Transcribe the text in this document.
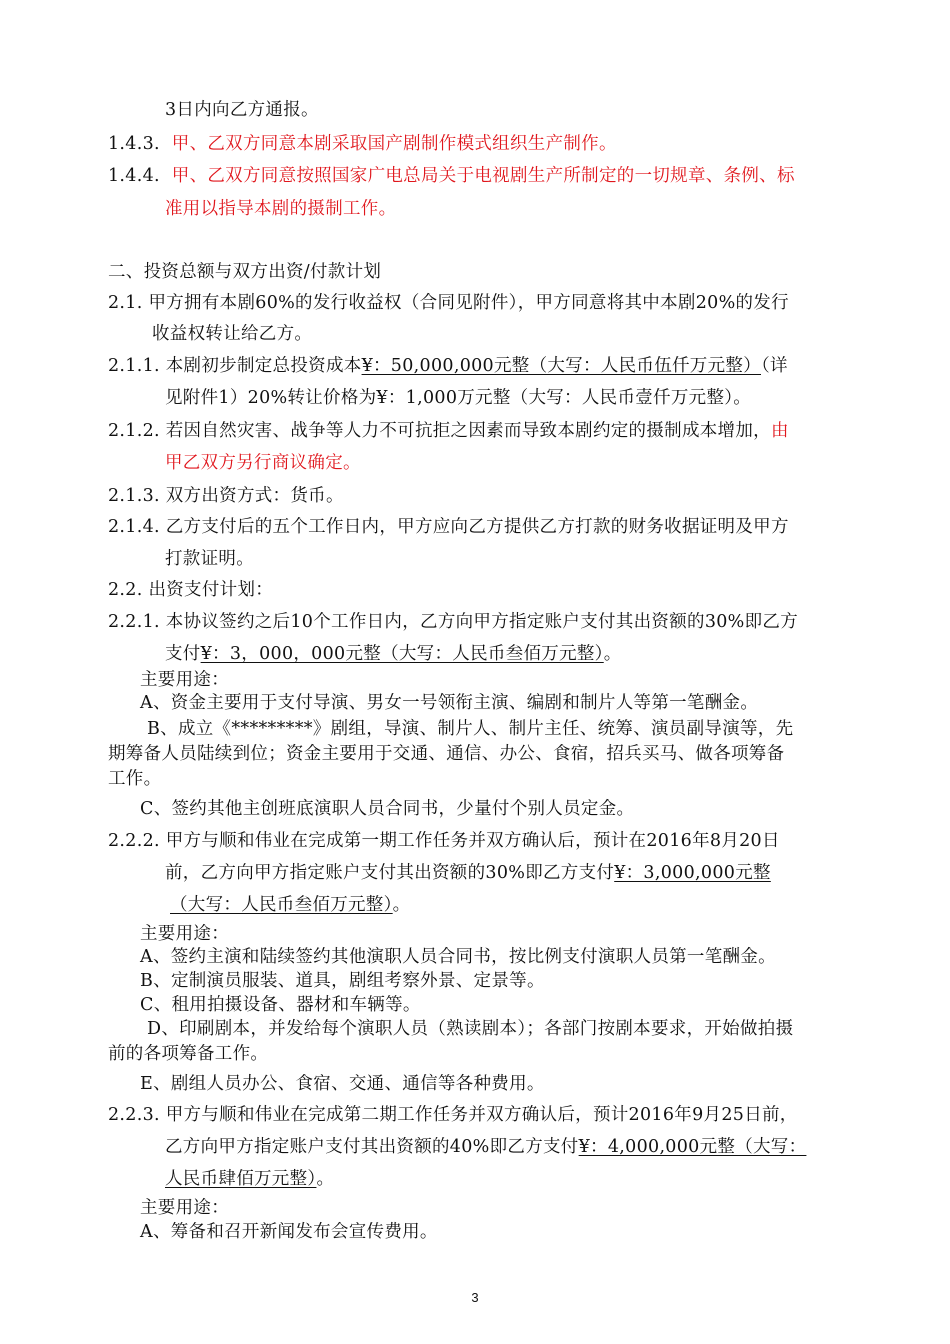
3日内向乙方通报。
1.4.3. 甲、乙双方同意本剧采取国产剧制作模式组织生产制作。
1.4.4. 甲、乙双方同意按照国家广电总局关于电视剧生产所制定的一切规章、条例、标
准用以指导本剧的摄制工作。
二、投资总额与双方出资/付款计划
2.1. 甲方拥有本剧60%的发行收益权（合同见附件），甲方同意将其中本剧20%的发行
收益权转让给乙方。
2.1.1. 本剧初步制定总投资成本¥：50,000,000元整（大写：人民币伍仟万元整）（详
见附件1）20%转让价格为¥：1,000万元整（大写：人民币壹仟万元整）。
2.1.2. 若因自然灾害、战争等人力不可抗拒之因素而导致本剧约定的摄制成本增加，由
甲乙双方另行商议确定。
2.1.3. 双方出资方式：货币。
2.1.4. 乙方支付后的五个工作日内，甲方应向乙方提供乙方打款的财务收据证明及甲方
打款证明。
2.2. 出资支付计划：
2.2.1. 本协议签约之后10个工作日内，乙方向甲方指定账户支付其出资额的30%即乙方
支付¥：3，000，000元整（大写：人民币叁佰万元整）。
主要用途：
A、资金主要用于支付导演、男女一号领衔主演、编剧和制片人等第一笔酬金。
B、成立《*********》剧组，导演、制片人、制片主任、统筹、演员副导演等，先
期筹备人员陆续到位；资金主要用于交通、通信、办公、食宿，招兵买马、做各项筹备
工作。
C、签约其他主创班底演职人员合同书，少量付个别人员定金。
2.2.2. 甲方与顺和伟业在完成第一期工作任务并双方确认后，预计在2016年8月20日
前，乙方向甲方指定账户支付其出资额的30%即乙方支付¥：3,000,000元整
（大写：人民币叁佰万元整）。
主要用途：
A、签约主演和陆续签约其他演职人员合同书，按比例支付演职人员第一笔酬金。
B、定制演员服装、道具，剧组考察外景、定景等。
C、租用拍摄设备、器材和车辆等。
D、印刷剧本，并发给每个演职人员（熟读剧本）；各部门按剧本要求，开始做拍摄
前的各项筹备工作。
E、剧组人员办公、食宿、交通、通信等各种费用。
2.2.3. 甲方与顺和伟业在完成第二期工作任务并双方确认后，预计2016年9月25日前，
乙方向甲方指定账户支付其出资额的40%即乙方支付¥：4,000,000元整（大写：
人民币肆佰万元整）。
主要用途：
A、筹备和召开新闻发布会宣传费用。
3
